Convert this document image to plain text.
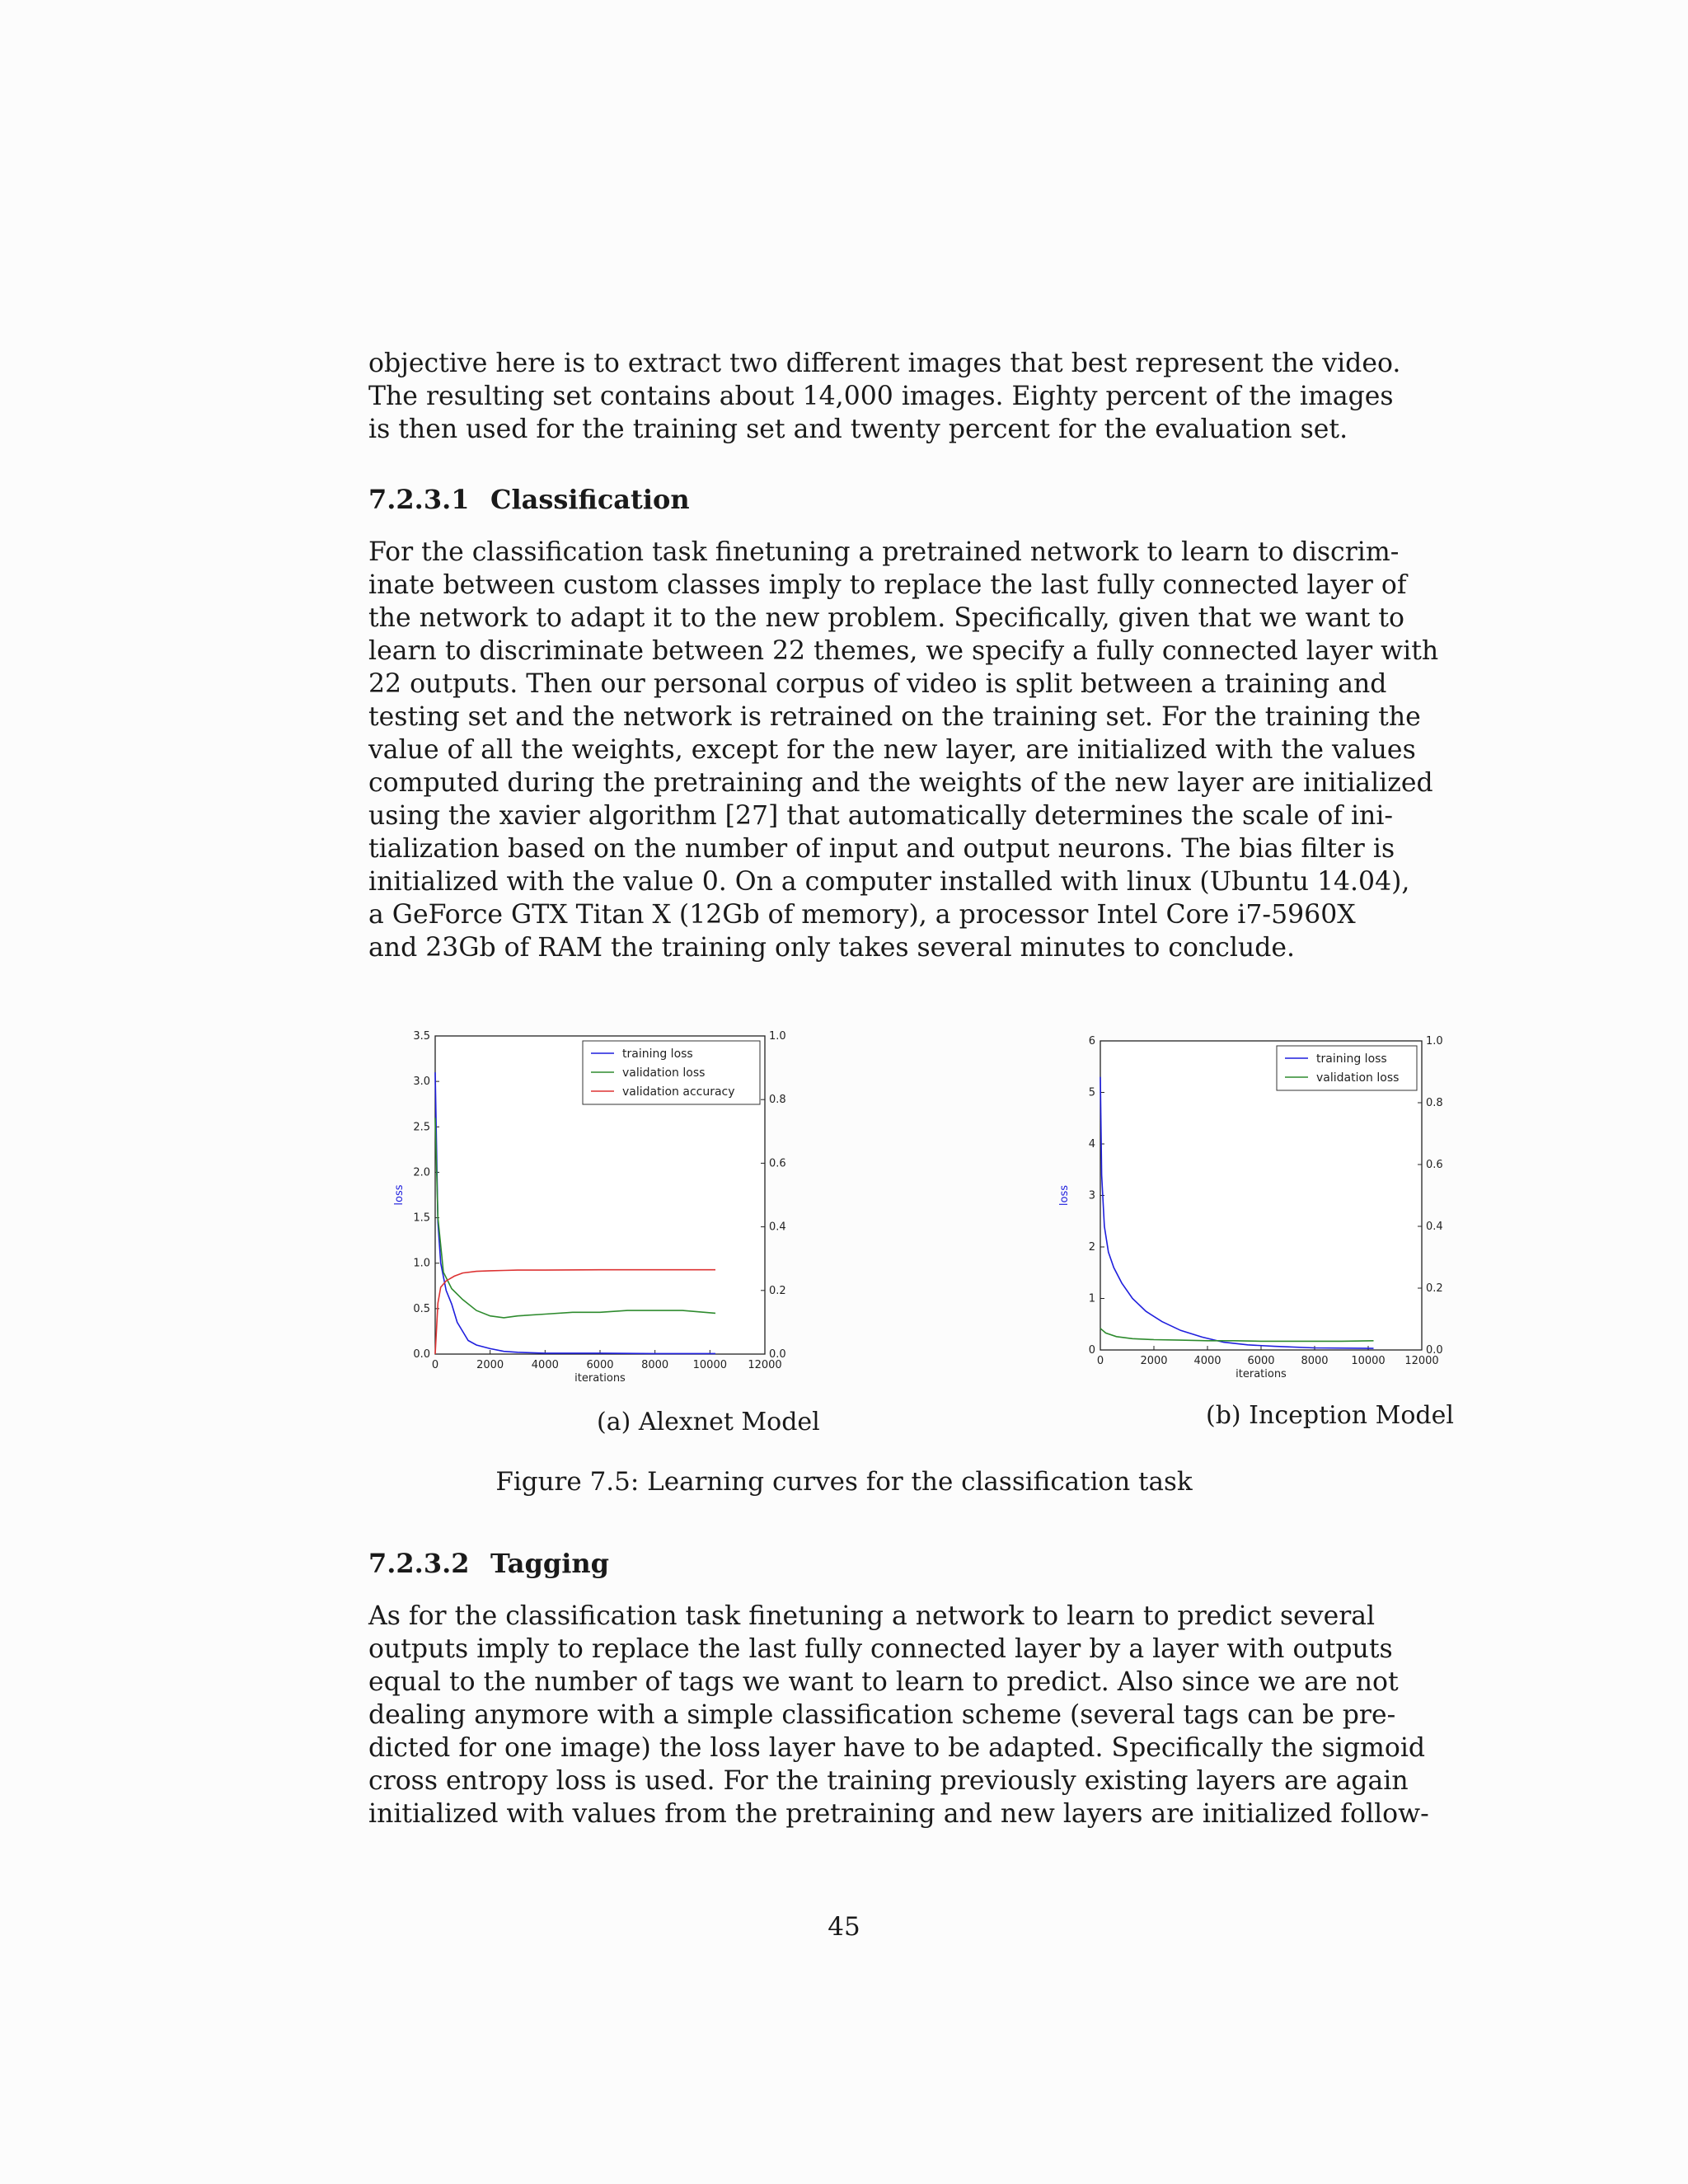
objective here is to extract two different images that best represent the video.
The resulting set contains about 14,000 images. Eighty percent of the images
is then used for the training set and twenty percent for the evaluation set.
7.2.3.1 Classification
For the classification task finetuning a pretrained network to learn to discrim-
inate between custom classes imply to replace the last fully connected layer of
the network to adapt it to the new problem. Specifically, given that we want to
learn to discriminate between 22 themes, we specify a fully connected layer with
22 outputs. Then our personal corpus of video is split between a training and
testing set and the network is retrained on the training set. For the training the
value of all the weights, except for the new layer, are initialized with the values
computed during the pretraining and the weights of the new layer are initialized
using the xavier algorithm [27] that automatically determines the scale of ini-
tialization based on the number of input and output neurons. The bias filter is
initialized with the value 0. On a computer installed with linux (Ubuntu 14.04),
a GeForce GTX Titan X (12Gb of memory), a processor Intel Core i7-5960X
and 23Gb of RAM the training only takes several minutes to conclude.
0	2000	4000	6000	8000 10000 12000
0.0
0.5
1.0
1.5
2.0
2.5
3.0
3.5
0.0
0.2
0.4
0.6
0.8
1.0
iterations
loss
training loss
validation loss
validation accuracy
0	2000 4000 6000 8000 10000 12000
0
1
2
3
4
5
6
0.0
0.2
0.4
0.6
0.8
1.0
iterations
loss
training loss
validation loss
(a) Alexnet Model	(b) Inception Model
Figure 7.5: Learning curves for the classification task
7.2.3.2 Tagging
As for the classification task finetuning a network to learn to predict several
outputs imply to replace the last fully connected layer by a layer with outputs
equal to the number of tags we want to learn to predict. Also since we are not
dealing anymore with a simple classification scheme (several tags can be pre-
dicted for one image) the loss layer have to be adapted. Specifically the sigmoid
cross entropy loss is used. For the training previously existing layers are again
initialized with values from the pretraining and new layers are initialized follow-
45
